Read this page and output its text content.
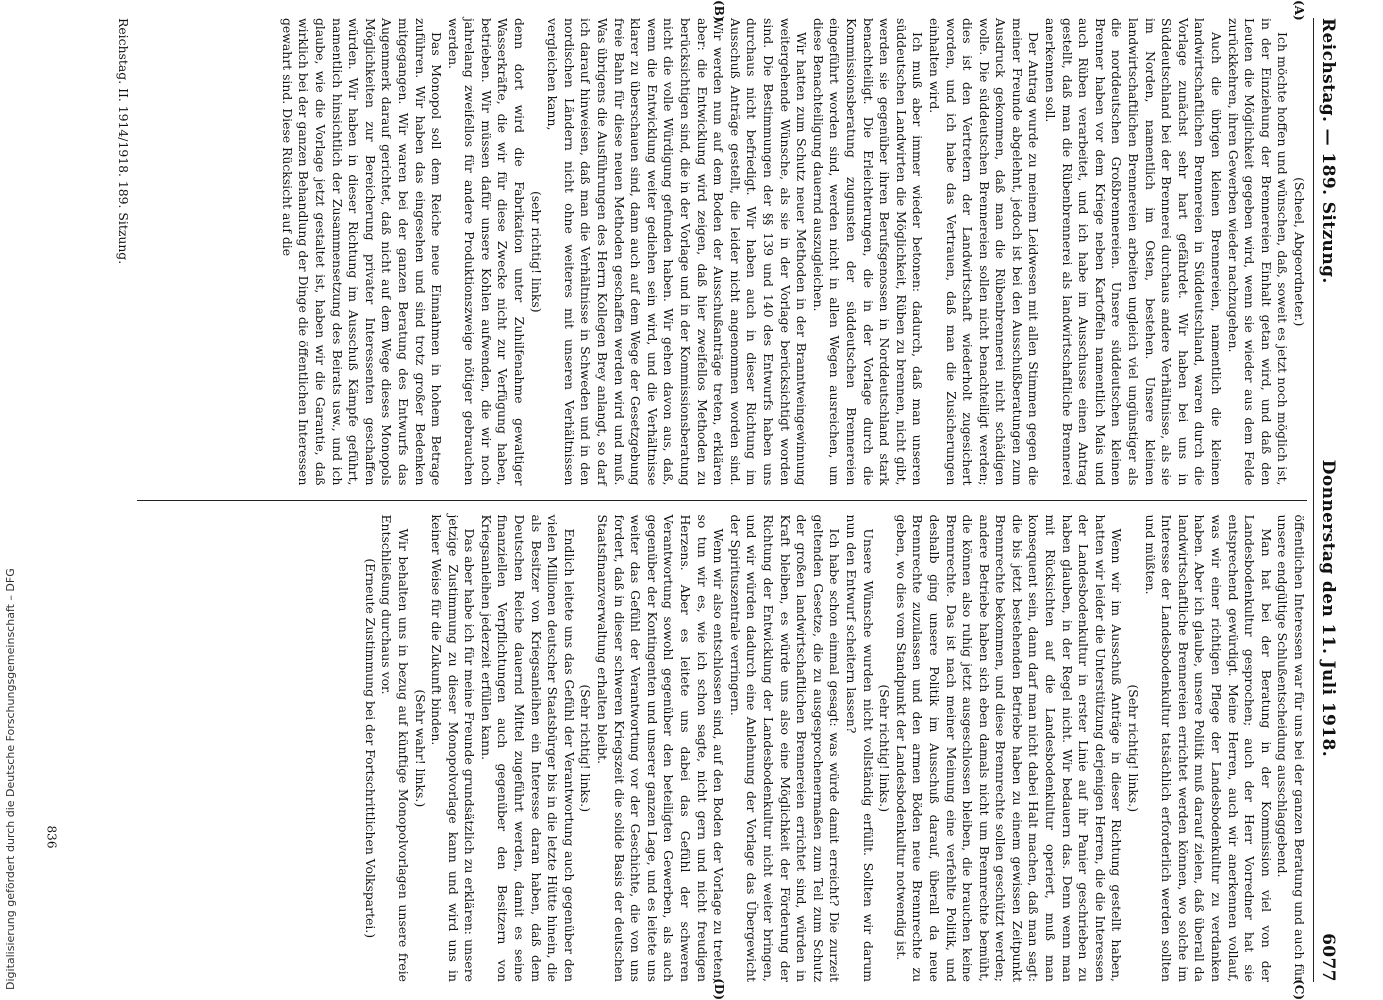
Digitalisierung gefördert durch die Deutsche Forschungsgemeinschaft – DFG
Reichstag. — 189. Sitzung.
Donnerstag den 11. Juli 1918.
6077
(A)
(B)

(Scheel, Abgeordneter.)

Ich möchte hoffen und wünschen, daß, soweit es jetzt noch möglich ist, in der Einziehung der Brennereien Einhalt getan wird, und daß den Leuten die Möglichkeit gegeben wird, wenn sie wieder aus dem Felde zurückkehren, ihren Gewerben wieder nachzugehen.

Auch die übrigen kleinen Brennereien, namentlich die kleinen landwirtschaftlichen Brennereien in Süddeutschland, waren durch die Vorlage zunächst sehr hart gefährdet. Wir haben bei uns in Süddeutschland bei der Brennerei durchaus andere Verhältnisse, als sie im Norden, namentlich im Osten, bestehen. Unsere kleinen landwirtschaftlichen Brennereien arbeiten ungleich viel ungünstiger als die norddeutschen Großbrennereien. Unsere süddeutschen kleinen Brenner haben vor dem Kriege neben Kartoffeln namentlich Mais und auch Rüben verarbeitet, und ich habe im Ausschusse einen Antrag gestellt, daß man die Rübenbrennerei als landwirtschaftliche Brennerei anerkennen soll.

Der Antrag wurde zu meinem Leidwesen mit allen Stimmen gegen die meiner Freunde abgelehnt, jedoch ist bei den Ausschußberatungen zum Ausdruck gekommen, daß man die Rübenbrennerei nicht schädigen wolle. Die süddeutschen Brennereien sollen nicht benachteiligt werden; dies ist den Vertretern der Landwirtschaft wiederholt zugesichert worden, und ich habe das Vertrauen, daß man die Zusicherungen einhalten wird.

Ich muß aber immer wieder betonen: dadurch, daß man unseren süddeutschen Landwirten die Möglichkeit, Rüben zu brennen, nicht gibt, werden sie gegenüber ihren Berufsgenossen in Norddeutschland stark benachteiligt. Die Erleichterungen, die in der Vorlage durch die Kommissionsberatung zugunsten der süddeutschen Brennereien eingeführt worden sind, werden nicht in allen Wegen ausreichen, um diese Benachteiligung dauernd auszugleichen.

Wir hatten zum Schutz neuer Methoden in der Branntweingewinnung weitergehende Wünsche, als sie in der Vorlage berücksichtigt worden sind. Die Bestimmungen der §§ 139 und 140 des Entwurfs haben uns durchaus nicht befriedigt. Wir haben auch in dieser Richtung im Ausschuß Anträge gestellt, die leider nicht angenommen worden sind. Wir werden nun auf dem Boden der Ausschußanträge treten, erklären aber: die Entwicklung wird zeigen, daß hier zweifellos Methoden zu berücksichtigen sind, die in der Vorlage und in der Kommissionsberatung nicht die volle Würdigung gefunden haben. Wir gehen davon aus, daß, wenn die Entwicklung weiter gediehen sein wird, und die Verhältnisse klarer zu überschauen sind, dann auch auf dem Wege der Gesetzgebung freie Bahn für diese neuen Methoden geschaffen werden wird und muß. Was übrigens die Ausführungen des Herrn Kollegen Brey anlangt, so darf ich darauf hinweisen, daß man die Verhältnisse in Schweden und in den nordischen Ländern nicht ohne weiteres mit unseren Verhältnissen vergleichen kann,

(sehr richtig! links)

denn dort wird die Fabrikation unter Zuhilfenahme gewaltiger Wasserkräfte, die wir für diese Zwecke nicht zur Verfügung haben, betrieben. Wir müssen dafür unsere Kohlen aufwenden, die wir noch jahrelang zweifellos für andere Produktionszweige nötiger gebrauchen werden.

Das Monopol soll dem Reiche neue Einnahmen in hohem Betrage zuführen. Wir haben das eingesehen und sind trotz großer Bedenken mitgegangen. Wir waren bei der ganzen Beratung des Entwurfs das Augenmerk darauf gerichtet, daß nicht auf dem Wege dieses Monopols Möglichkeiten zur Bereicherung privater Interessenten geschaffen würden. Wir haben in dieser Richtung im Ausschuß Kämpfe geführt, namentlich hinsichtlich der Zusammensetzung des Beirats usw., und ich glaube, wie die Vorlage jetzt gestaltet ist, haben wir die Garantie, daß wirklich bei der ganzen Behandlung der Dinge die öffentlichen Interessen gewahrt sind. Diese Rücksicht auf die

(C)
(D)

öffentlichen Interessen war für uns bei der ganzen Beratung und auch für unsere endgültige Schlußentscheidung ausschlaggebend.

Man hat bei der Beratung in der Kommission viel von der Landesbodenkultur gesprochen; auch der Herr Vorredner hat sie entsprechend gewürdigt. Meine Herren, auch wir anerkennen vollauf, was wir einer richtigen Pflege der Landesbodenkultur zu verdanken haben. Aber ich glaube, unsere Politik muß darauf zielen, daß überall da landwirtschaftliche Brennereien errichtet werden können, wo solche im Interesse der Landesbodenkultur tatsächlich erforderlich werden sollten und müßten.

(Sehr richtig! links.)

Wenn wir im Ausschuß Anträge in dieser Richtung gestellt haben, hatten wir leider die Unterstützung derjenigen Herren, die die Interessen der Landesbodenkultur in erster Linie auf ihr Panier geschrieben zu haben glauben, in der Regel nicht. Wir bedauern das. Denn wenn man mit Rücksichten auf die Landesbodenkultur operiert, muß man konsequent sein, dann darf man nicht dabei Halt machen, daß man sagt: die bis jetzt bestehenden Betriebe haben zu einem gewissen Zeitpunkt Brennrechte bekommen, und diese Brennrechte sollen geschützt werden; andere Betriebe haben sich eben damals nicht um Brennrechte bemüht, die können also ruhig jetzt ausgeschlossen bleiben, die brauchen keine Brennrechte. Das ist nach meiner Meinung eine verfehlte Politik, und deshalb ging unsere Politik im Ausschuß darauf, überall da neue Brennrechte zuzulassen und den armen Böden neue Brennrechte zu geben, wo dies vom Standpunkt der Landesbodenkultur notwendig ist.

(Sehr richtig! links.)

Unsere Wünsche wurden nicht vollständig erfüllt. Sollten wir darum nun den Entwurf scheitern lassen?

Ich habe schon einmal gesagt: was würde damit erreicht? Die zurzeit geltenden Gesetze, die zu ausgesprochenermaßen zum Teil zum Schutz der großen landwirtschaftlichen Brennereien errichtet sind, würden in Kraft bleiben, es würde uns also eine Möglichkeit der Förderung der Richtung der Entwicklung der Landesbodenkultur nicht weiter bringen, und wir würden dadurch eine Anlehnung der Vorlage das Übergewicht der Spirituszentrale verringern.

Wenn wir also entschlossen sind, auf den Boden der Vorlage zu treten, so tun wir es, wie ich schon sagte, nicht gern und nicht freudigen Herzens. Aber es leitete uns dabei das Gefühl der schweren Verantwortung sowohl gegenüber den beteiligten Gewerben, als auch gegenüber der Kontingenten und unserer ganzen Lage, und es leitete uns weiter das Gefühl der Verantwortung vor der Geschichte, die von uns fordert, daß in dieser schweren Kriegszeit die solide Basis der deutschen Staatsfinanzverwaltung erhalten bleibt.

(Sehr richtig! links.)

Endlich leitete uns das Gefühl der Verantwortung auch gegenüber den vielen Millionen deutscher Staatsbürger bis in die letzte Hütte hinein, die als Besitzer von Kriegsanleihen ein Interesse daran haben, daß dem Deutschen Reiche dauernd Mittel zugeführt werden, damit es seine finanziellen Verpflichtungen auch gegenüber den Besitzern von Kriegsanleihen jederzeit erfüllen kann.

Das aber habe ich für meine Freunde grundsätzlich zu erklären: unsere jetzige Zustimmung zu dieser Monopolvorlage kann und wird uns in keiner Weise für die Zukunft binden.

(Sehr wahr! links.)

Wir behalten uns in bezug auf künftige Monopolvorlagen unsere freie Entschließung durchaus vor.

(Erneute Zustimmung bei der Fortschrittlichen Volkspartei.)

Reichstag. II. 1914/1918. 189. Sitzung.
836
